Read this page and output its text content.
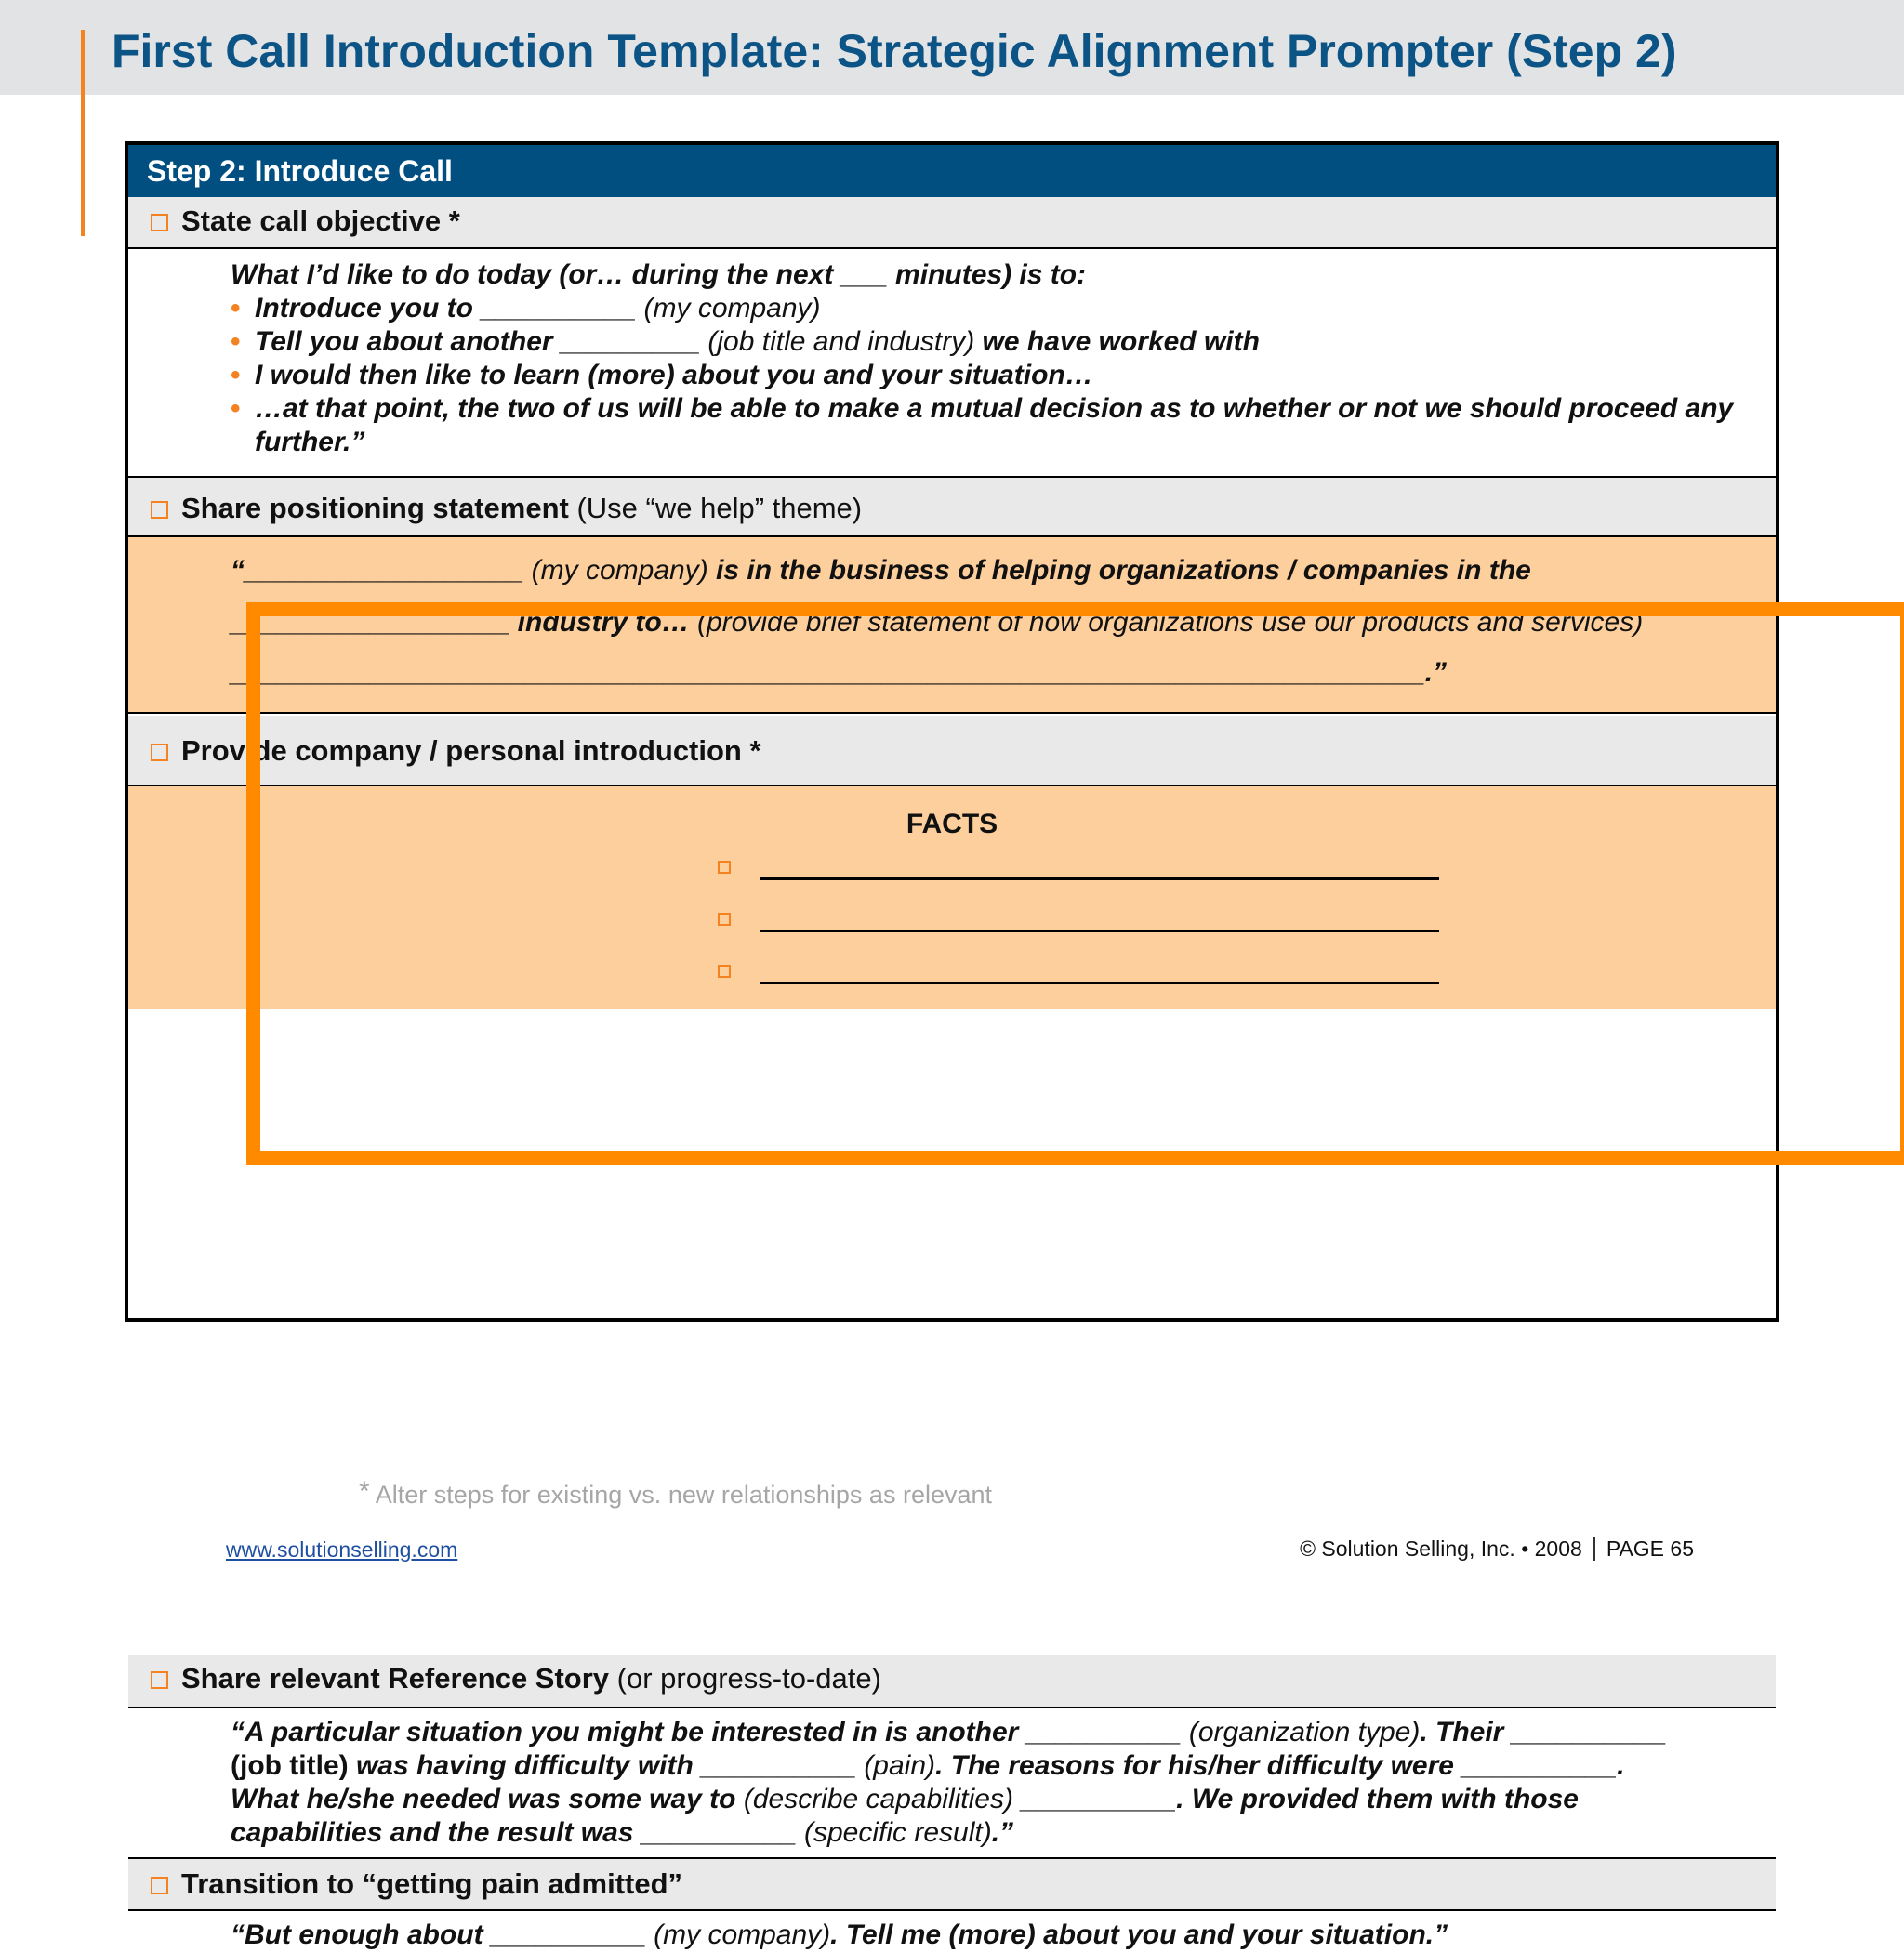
First Call Introduction Template: Strategic Alignment Prompter (Step 2)
Step 2: Introduce Call
State call objective *
What I’d like to do today (or… during the next ___ minutes) is to:
• Introduce you to __________ (my company)
• Tell you about another _________ (job title and industry) we have worked with
• I would then like to learn (more) about you and your situation…
• …at that point, the two of us will be able to make a mutual decision as to whether or not we should proceed any further.”
Share positioning statement (Use “we help” theme)
“__________________ (my company) is in the business of helping organizations / companies in the
__________________ industry to… (provide brief statement of how organizations use our products and services)
_____________________________________________________________________________.”
Provide company / personal introduction *
FACTS
Share relevant Reference Story (or progress-to-date)
“A particular situation you might be interested in is another __________ (organization type). Their __________
(job title) was having difficulty with __________ (pain). The reasons for his/her difficulty were __________.
What he/she needed was some way to (describe capabilities) __________. We provided them with those
capabilities and the result was __________ (specific result).”
Transition to “getting pain admitted”
“But enough about __________ (my company). Tell me (more) about you and your situation.”
* Alter steps for existing vs. new relationships as relevant
www.solutionselling.com	© Solution Selling, Inc. • 2008 PAGE 65
